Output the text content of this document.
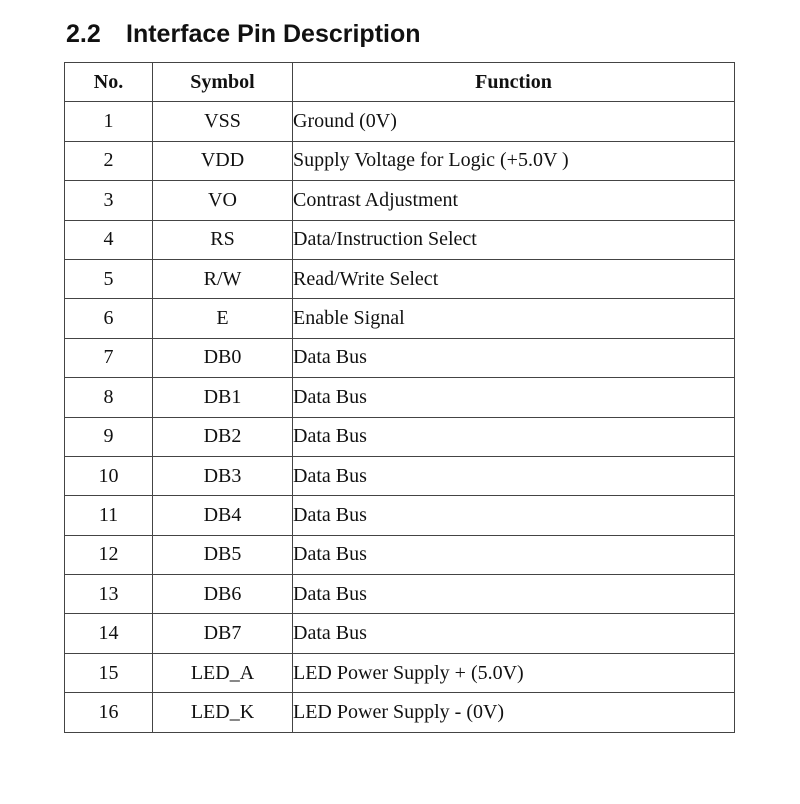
2.2 Interface Pin Description
No.	Symbol	Function
1	VSS	Ground (0V)
2	VDD	Supply Voltage for Logic (+5.0V )
3	VO	Contrast Adjustment
4	RS	Data/Instruction Select
5	R/W	Read/Write Select
6	E	Enable Signal
7	DB0	Data Bus
8	DB1	Data Bus
9	DB2	Data Bus
10	DB3	Data Bus
11	DB4	Data Bus
12	DB5	Data Bus
13	DB6	Data Bus
14	DB7	Data Bus
15	LED_A	LED Power Supply + (5.0V)
16	LED_K	LED Power Supply - (0V)
